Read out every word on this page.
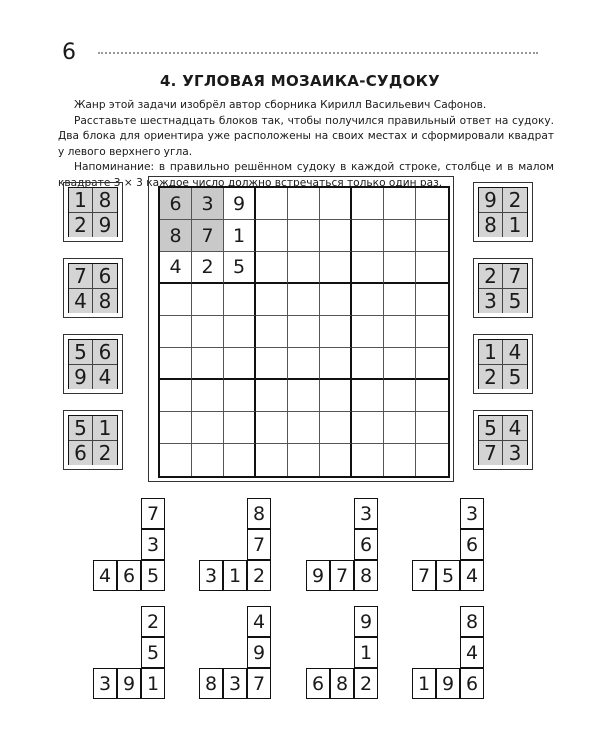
6
4. УГЛОВАЯ МОЗАИКА-СУДОКУ

Жанр этой задачи изобрёл автор сборника Кирилл Васильевич Сафонов.

Расставьте шестнадцать блоков так, чтобы получился правильный ответ на судоку. Два блока для ориентира уже расположены на своих местах и сформировали квадрат у левого верхнего угла.

Напоминание: в правильно решённом судоку в каждой строке, столбце и в малом квадрате 3 × 3 каждое число должно встречаться только один раз.

6	3	9
8	7	1
4	2	5
1 8
2 9
7 6
4 8
5 6
9 4
5 1
6 2
9 2
8 1
2 7
3 5
1 4
2 5
5 4
7 3
7
3
4 6 5
8
7
3 1 2
3
6
9 7 8
3
6
7 5 4
2
5
3 9 1
4
9
8 3 7
9
1
6 8 2
8
4
1 9 6
